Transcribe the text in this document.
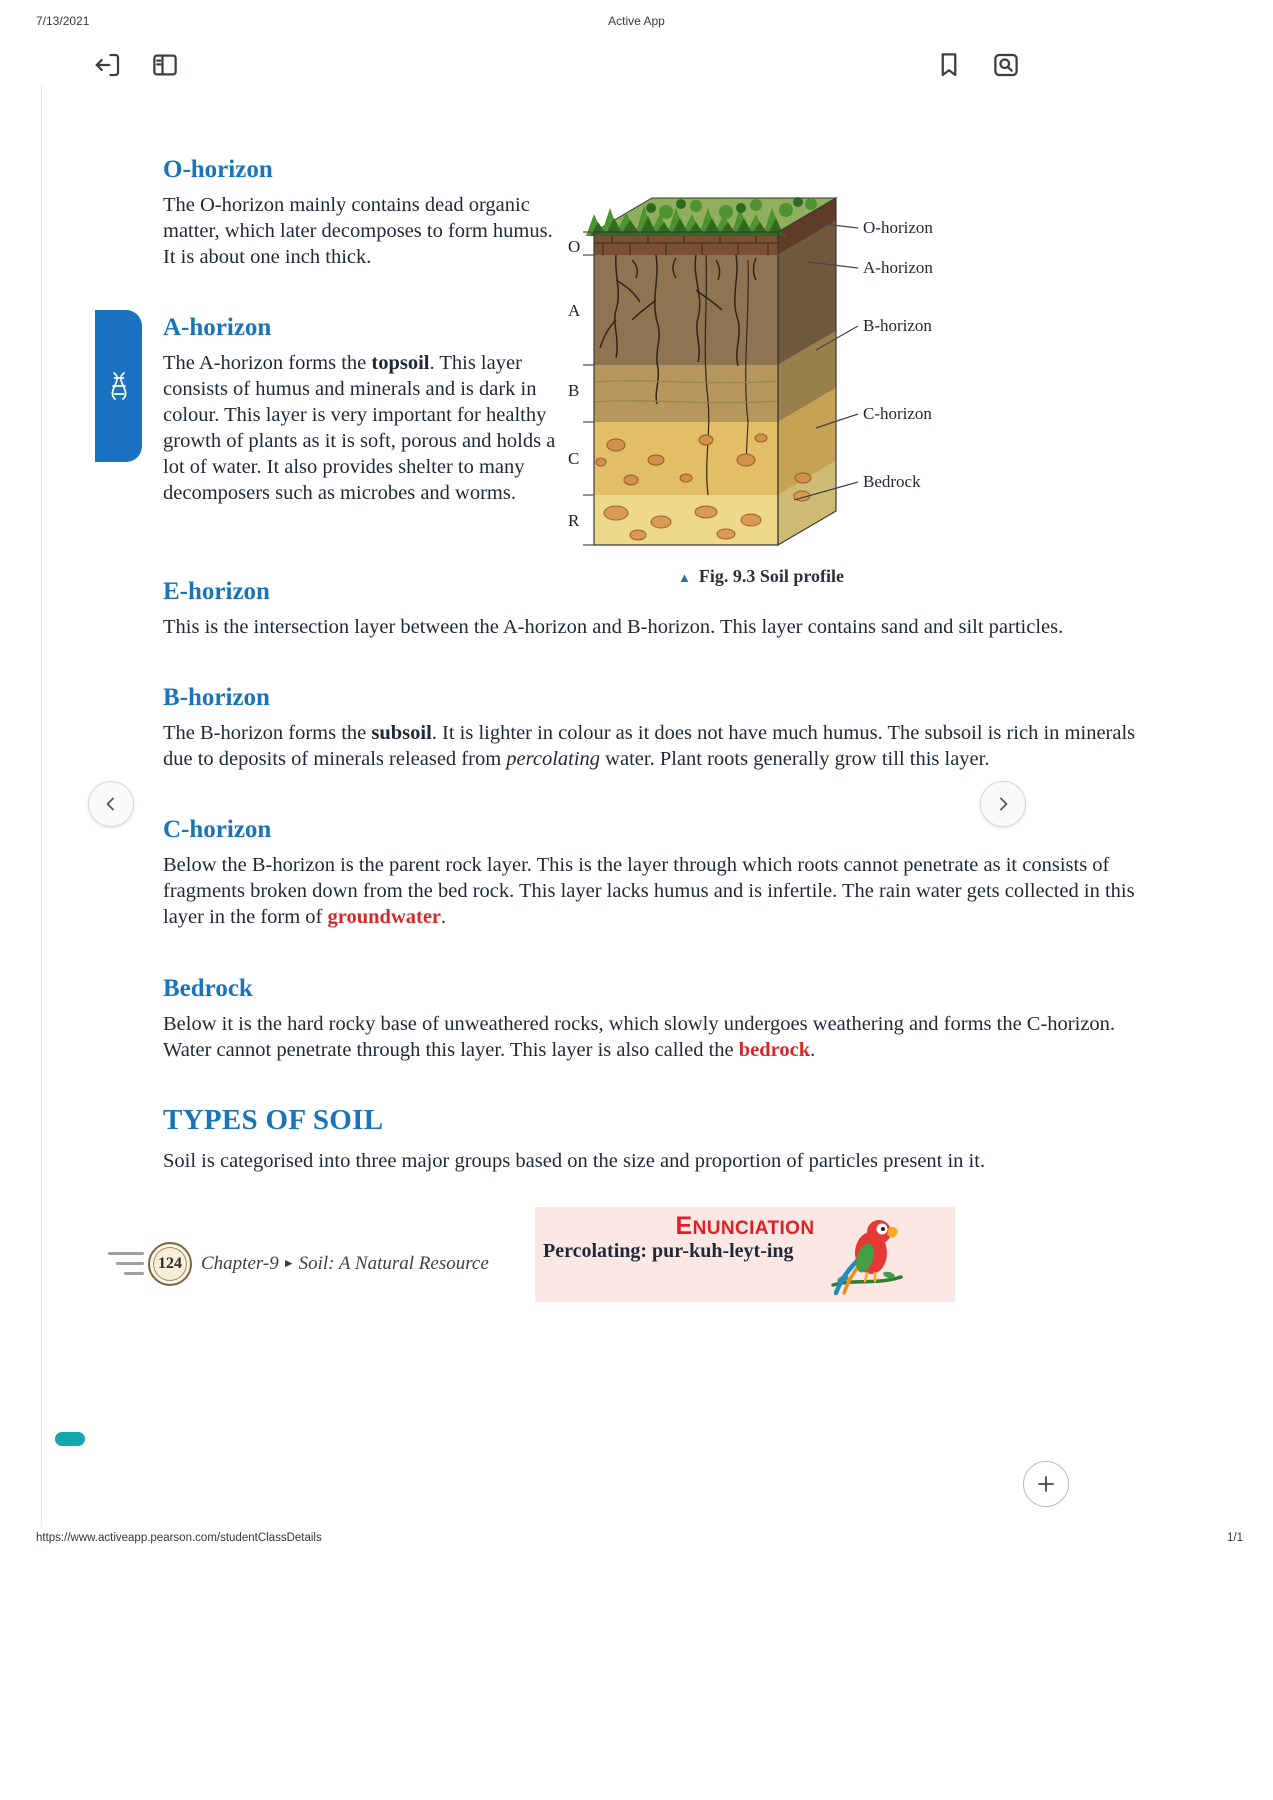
7/13/2021	Active App
O-horizon
The O-horizon mainly contains dead organic matter, which later decomposes to form humus. It is about one inch thick.
A-horizon
The A-horizon forms the topsoil. This layer consists of humus and minerals and is dark in colour. This layer is very important for healthy growth of plants as it is soft, porous and holds a lot of water. It also provides shelter to many decomposers such as microbes and worms.
O
A
B
C
R
O-horizon
A-horizon
B-horizon
C-horizon
Bedrock
▲ Fig. 9.3 Soil profile
E-horizon
This is the intersection layer between the A-horizon and B-horizon. This layer contains sand and silt particles.
B-horizon
The B-horizon forms the subsoil. It is lighter in colour as it does not have much humus. The subsoil is rich in minerals due to deposits of minerals released from percolating water. Plant roots generally grow till this layer.
C-horizon
Below the B-horizon is the parent rock layer. This is the layer through which roots cannot penetrate as it consists of fragments broken down from the bed rock. This layer lacks humus and is infertile. The rain water gets collected in this layer in the form of groundwater.
Bedrock
Below it is the hard rocky base of unweathered rocks, which slowly undergoes weathering and forms the C-horizon. Water cannot penetrate through this layer. This layer is also called the bedrock.
TYPES OF SOIL
Soil is categorised into three major groups based on the size and proportion of particles present in it.
124 Chapter-9 ► Soil: A Natural Resource
ENUNCIATION
Percolating: pur-kuh-leyt-ing
https://www.activeapp.pearson.com/studentClassDetails	1/1
